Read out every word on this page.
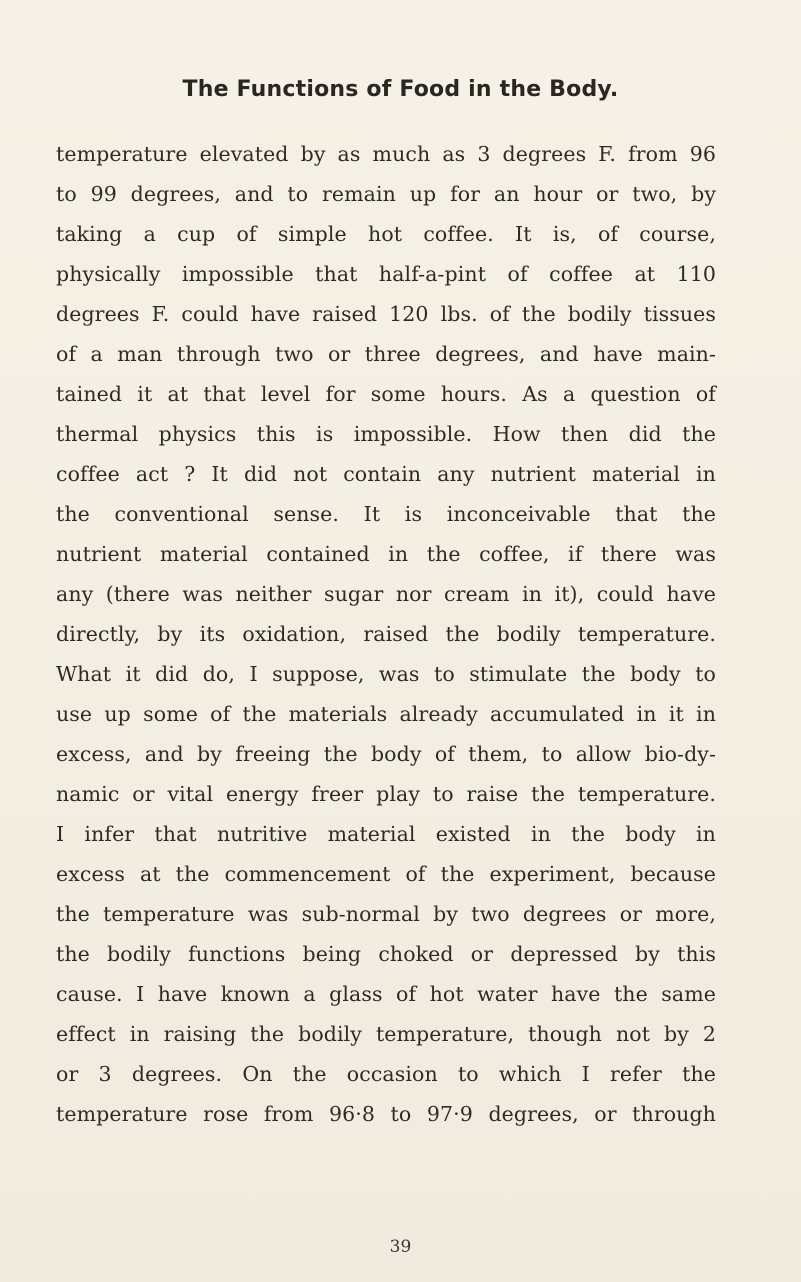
The Functions of Food in the Body.
temperature elevated by as much as 3 degrees F. from 96
to 99 degrees, and to remain up for an hour or two, by
taking a cup of simple hot coffee. It is, of course,
physically impossible that half-a-pint of coffee at 110
degrees F. could have raised 120 lbs. of the bodily tissues
of a man through two or three degrees, and have main-
tained it at that level for some hours. As a question of
thermal physics this is impossible. How then did the
coffee act ? It did not contain any nutrient material in
the conventional sense. It is inconceivable that the
nutrient material contained in the coffee, if there was
any (there was neither sugar nor cream in it), could have
directly, by its oxidation, raised the bodily temperature.
What it did do, I suppose, was to stimulate the body to
use up some of the materials already accumulated in it in
excess, and by freeing the body of them, to allow bio-dy-
namic or vital energy freer play to raise the temperature.
I infer that nutritive material existed in the body in
excess at the commencement of the experiment, because
the temperature was sub-normal by two degrees or more,
the bodily functions being choked or depressed by this
cause. I have known a glass of hot water have the same
effect in raising the bodily temperature, though not by 2
or 3 degrees. On the occasion to which I refer the
temperature rose from 96·8 to 97·9 degrees, or through
39
